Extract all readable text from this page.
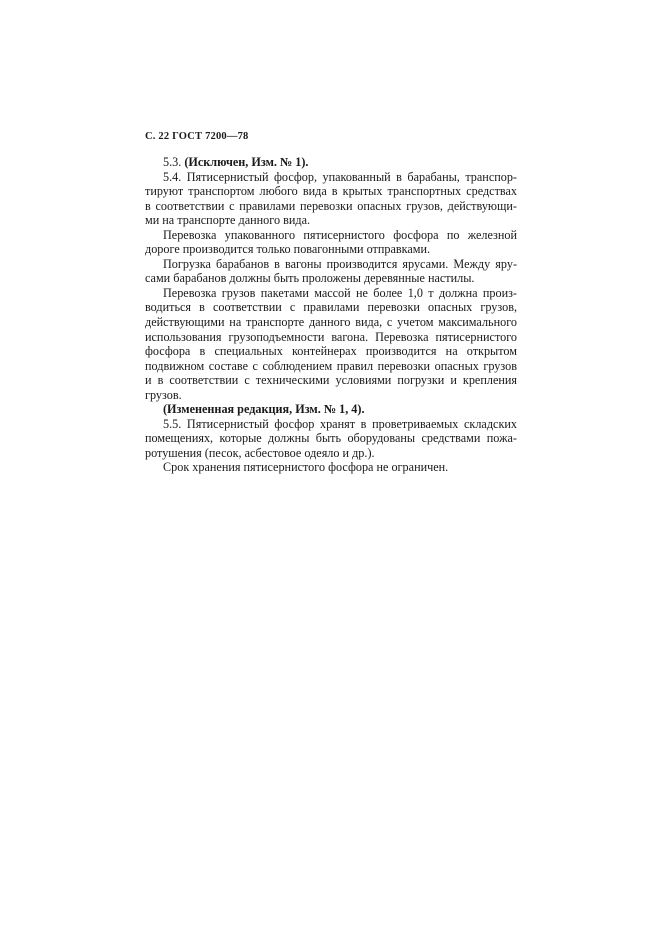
С. 22 ГОСТ 7200—78
5.3. (Исключен, Изм. № 1).
5.4. Пятисернистый фосфор, упакованный в барабаны, транспор-
тируют транспортом любого вида в крытых транспортных средствах
в соответствии с правилами перевозки опасных грузов, действующи-
ми на транспорте данного вида.
Перевозка упакованного пятисернистого фосфора по железной
дороге производится только повагонными отправками.
Погрузка барабанов в вагоны производится ярусами. Между яру-
сами барабанов должны быть проложены деревянные настилы.
Перевозка грузов пакетами массой не более 1,0 т должна произ-
водиться в соответствии с правилами перевозки опасных грузов,
действующими на транспорте данного вида, с учетом максимального
использования грузоподъемности вагона. Перевозка пятисернистого
фосфора в специальных контейнерах производится на открытом
подвижном составе с соблюдением правил перевозки опасных грузов
и в соответствии с техническими условиями погрузки и крепления
грузов.
(Измененная редакция, Изм. № 1, 4).
5.5. Пятисернистый фосфор хранят в проветриваемых складских
помещениях, которые должны быть оборудованы средствами пожа-
ротушения (песок, асбестовое одеяло и др.).
Срок хранения пятисернистого фосфора не ограничен.
